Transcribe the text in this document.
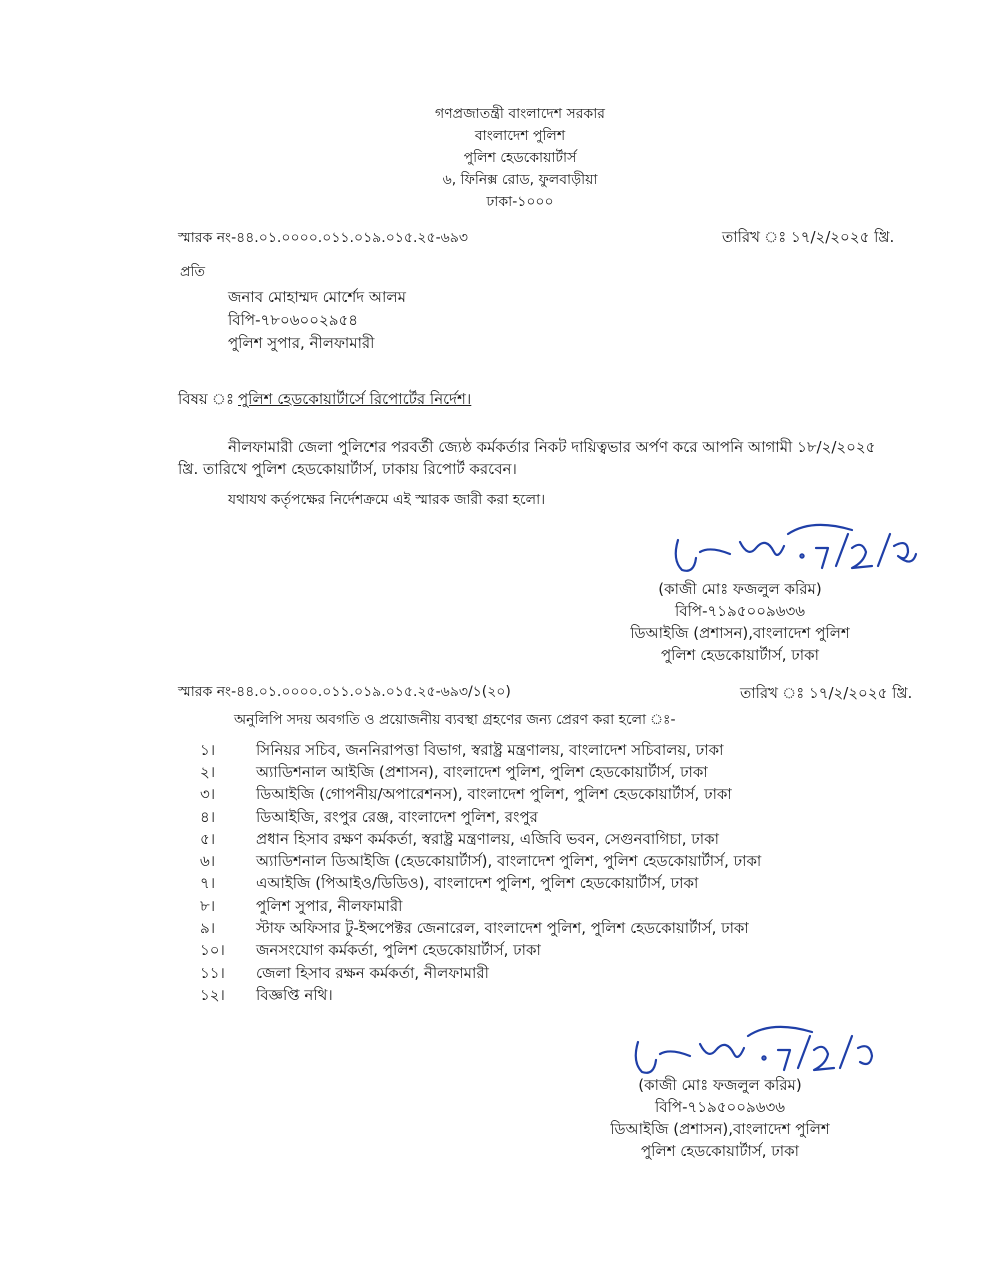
গণপ্রজাতন্ত্রী বাংলাদেশ সরকার
বাংলাদেশ পুলিশ
পুলিশ হেডকোয়ার্টার্স
৬, ফিনিক্স রোড, ফুলবাড়ীয়া
ঢাকা-১০০০
স্মারক নং-৪৪.০১.০০০০.০১১.০১৯.০১৫.২৫-৬৯৩	তারিখ ঃ ১৭/২/২০২৫ খ্রি.
প্রতি
জনাব মোহাম্মদ মোর্শেদ আলম
বিপি-৭৮০৬০০২৯৫৪
পুলিশ সুপার, নীলফামারী
বিষয় ঃ পুলিশ হেডকোয়ার্টার্সে রিপোর্টের নির্দেশ।
নীলফামারী জেলা পুলিশের পরবর্তী জ্যেষ্ঠ কর্মকর্তার নিকট দায়িত্বভার অর্পণ করে আপনি আগামী ১৮/২/২০২৫
খ্রি. তারিখে পুলিশ হেডকোয়ার্টার্স, ঢাকায় রিপোর্ট করবেন।
যথাযথ কর্তৃপক্ষের নির্দেশক্রমে এই স্মারক জারী করা হলো।
(কাজী মোঃ ফজলুল করিম)
বিপি-৭১৯৫০০৯৬৩৬
ডিআইজি (প্রশাসন),বাংলাদেশ পুলিশ
পুলিশ হেডকোয়ার্টার্স, ঢাকা
স্মারক নং-৪৪.০১.০০০০.০১১.০১৯.০১৫.২৫-৬৯৩/১(২০)	তারিখ ঃ ১৭/২/২০২৫ খ্রি.
অনুলিপি সদয় অবগতি ও প্রয়োজনীয় ব্যবস্থা গ্রহণের জন্য প্রেরণ করা হলো ঃ-
১।	সিনিয়র সচিব, জননিরাপত্তা বিভাগ, স্বরাষ্ট্র মন্ত্রণালয়, বাংলাদেশ সচিবালয়, ঢাকা
২।	অ্যাডিশনাল আইজি (প্রশাসন), বাংলাদেশ পুলিশ, পুলিশ হেডকোয়ার্টার্স, ঢাকা
৩।	ডিআইজি (গোপনীয়/অপারেশনস), বাংলাদেশ পুলিশ, পুলিশ হেডকোয়ার্টার্স, ঢাকা
৪।	ডিআইজি, রংপুর রেঞ্জ, বাংলাদেশ পুলিশ, রংপুর
৫।	প্রধান হিসাব রক্ষণ কর্মকর্তা, স্বরাষ্ট্র মন্ত্রণালয়, এজিবি ভবন, সেগুনবাগিচা, ঢাকা
৬।	অ্যাডিশনাল ডিআইজি (হেডকোয়ার্টার্স), বাংলাদেশ পুলিশ, পুলিশ হেডকোয়ার্টার্স, ঢাকা
৭।	এআইজি (পিআইও/ডিডিও), বাংলাদেশ পুলিশ, পুলিশ হেডকোয়ার্টার্স, ঢাকা
৮।	পুলিশ সুপার, নীলফামারী
৯।	স্টাফ অফিসার টু-ইন্সপেক্টর জেনারেল, বাংলাদেশ পুলিশ, পুলিশ হেডকোয়ার্টার্স, ঢাকা
১০।	জনসংযোগ কর্মকর্তা, পুলিশ হেডকোয়ার্টার্স, ঢাকা
১১।	জেলা হিসাব রক্ষন কর্মকর্তা, নীলফামারী
১২।	বিজ্ঞপ্তি নথি।
(কাজী মোঃ ফজলুল করিম)
বিপি-৭১৯৫০০৯৬৩৬
ডিআইজি (প্রশাসন),বাংলাদেশ পুলিশ
পুলিশ হেডকোয়ার্টার্স, ঢাকা
